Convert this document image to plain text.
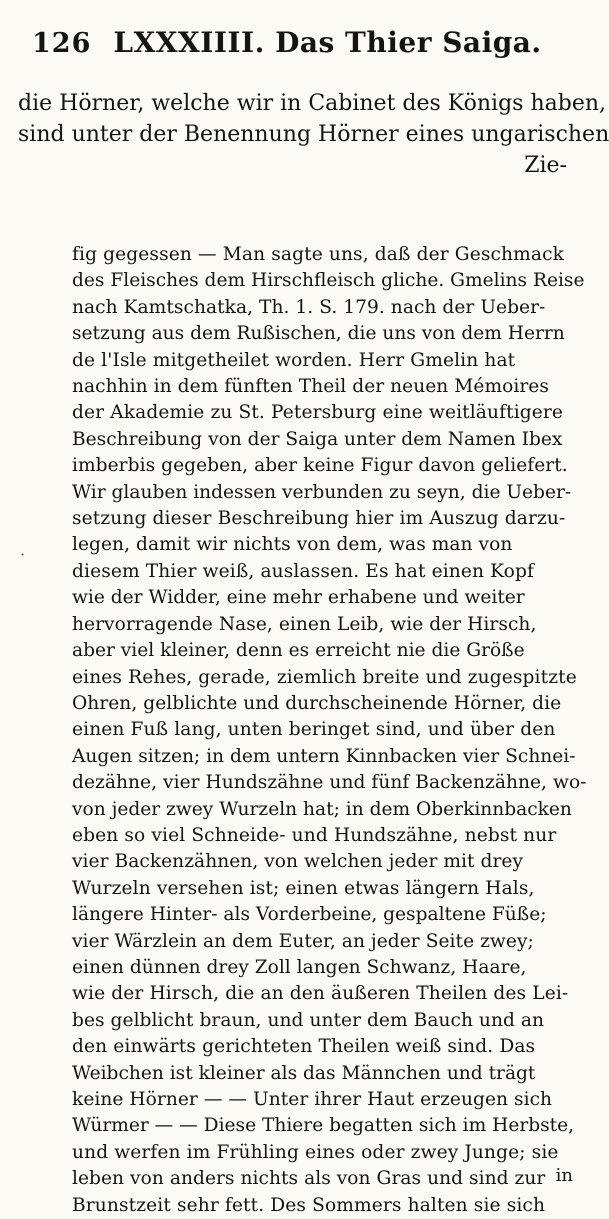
126 LXXXIIII. Das Thier Saiga.
die Hörner, welche wir in Cabinet des Königs haben,
sind unter der Benennung Hörner eines ungarischen
Zie-
·
fig gegessen — Man sagte uns, daß der Geschmack
des Fleisches dem Hirschfleisch gliche. Gmelins Reise
nach Kamtschatka, Th. 1. S. 179. nach der Ueber-
setzung aus dem Rußischen, die uns von dem Herrn
de l'Isle mitgetheilet worden. Herr Gmelin hat
nachhin in dem fünften Theil der neuen Mémoires
der Akademie zu St. Petersburg eine weitläuftigere
Beschreibung von der Saiga unter dem Namen Ibex
imberbis gegeben, aber keine Figur davon geliefert.
Wir glauben indessen verbunden zu seyn, die Ueber-
setzung dieser Beschreibung hier im Auszug darzu-
legen, damit wir nichts von dem, was man von
diesem Thier weiß, auslassen. Es hat einen Kopf
wie der Widder, eine mehr erhabene und weiter
hervorragende Nase, einen Leib, wie der Hirsch,
aber viel kleiner, denn es erreicht nie die Größe
eines Rehes, gerade, ziemlich breite und zugespitzte
Ohren, gelblichte und durchscheinende Hörner, die
einen Fuß lang, unten beringet sind, und über den
Augen sitzen; in dem untern Kinnbacken vier Schnei-
dezähne, vier Hundszähne und fünf Backenzähne, wo-
von jeder zwey Wurzeln hat; in dem Oberkinnbacken
eben so viel Schneide- und Hundszähne, nebst nur
vier Backenzähnen, von welchen jeder mit drey
Wurzeln versehen ist; einen etwas längern Hals,
längere Hinter- als Vorderbeine, gespaltene Füße;
vier Wärzlein an dem Euter, an jeder Seite zwey;
einen dünnen drey Zoll langen Schwanz, Haare,
wie der Hirsch, die an den äußeren Theilen des Lei-
bes gelblicht braun, und unter dem Bauch und an
den einwärts gerichteten Theilen weiß sind. Das
Weibchen ist kleiner als das Männchen und trägt
keine Hörner — — Unter ihrer Haut erzeugen sich
Würmer — — Diese Thiere begatten sich im Herbste,
und werfen im Frühling eines oder zwey Junge; sie
leben von anders nichts als von Gras und sind zur
Brunstzeit sehr fett. Des Sommers halten sie sich
in
